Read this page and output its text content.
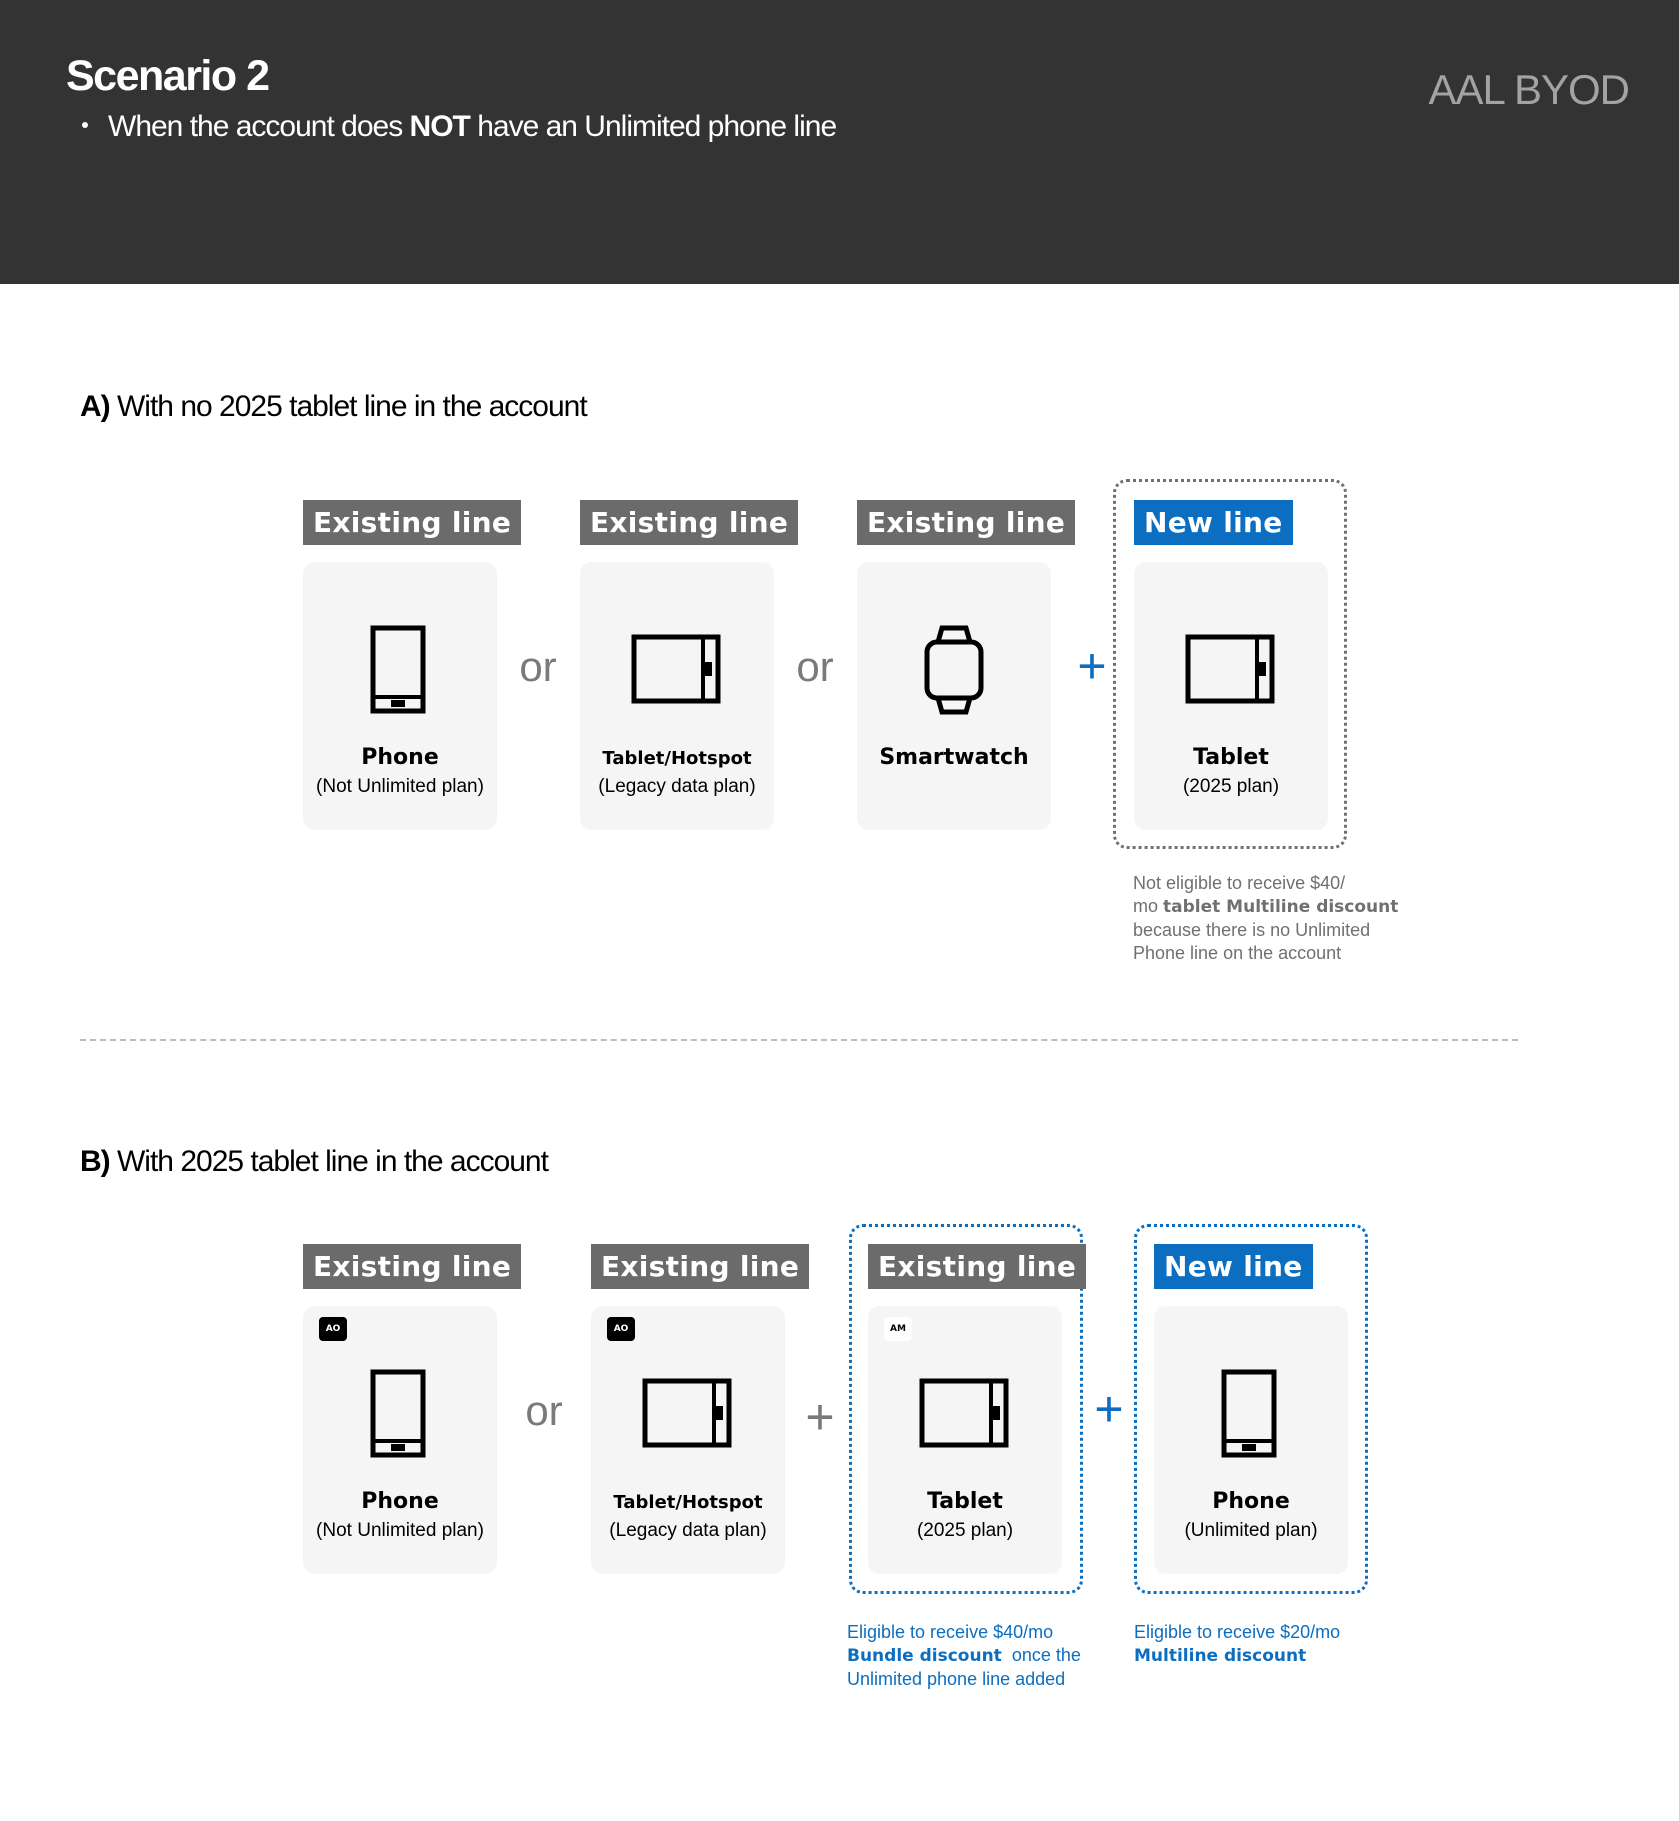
Scenario 2
When the account does NOT have an Unlimited phone line
AAL BYOD
A) With no 2025 tablet line in the account
Existing line	Existing line	Existing line	New line
Phone
(Not Unlimited plan)
or
Tablet/Hotspot
(Legacy data plan)
or
Smartwatch
+
Tablet
(2025 plan)
Not eligible to receive $40/
mo tablet Multiline discount
because there is no Unlimited
Phone line on the account
B) With 2025 tablet line in the account
Existing line	Existing line	Existing line	New line
AO
Phone
(Not Unlimited plan)
or
AO
Tablet/Hotspot
(Legacy data plan)
+
AM
Tablet
(2025 plan)
+
Phone
(Unlimited plan)
Eligible to receive $40/mo
Bundle discount  once the
Unlimited phone line added
Eligible to receive $20/mo
Multiline discount
